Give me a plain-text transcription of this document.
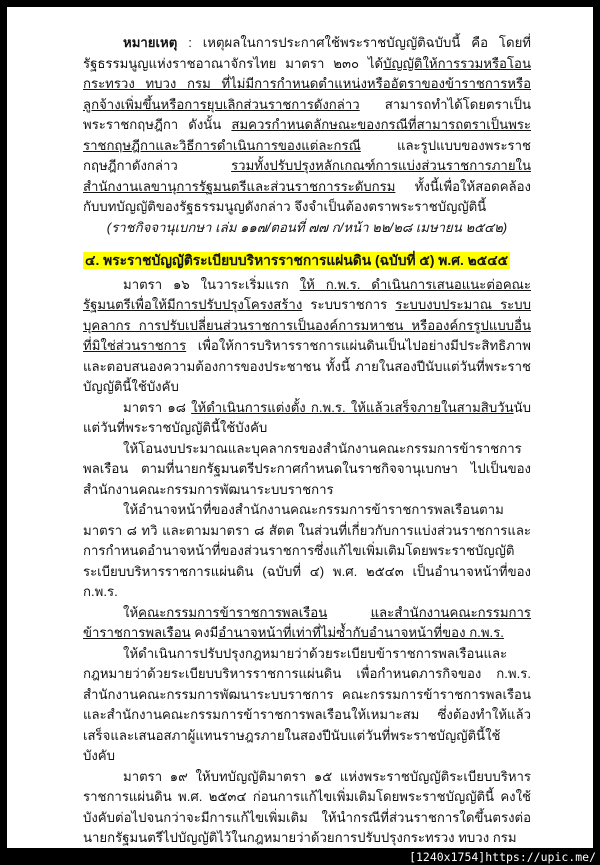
หมายเหตุ : เหตุผลในการประกาศใช้พระราชบัญญัติฉบับนี้ คือ โดยที่รัฐธรรมนูญแห่งราชอาณาจักรไทย มาตรา ๒๓๐ ได้บัญญัติให้การรวมหรือโอนกระทรวง ทบวง กรม ที่ไม่มีการกำหนดตำแหน่งหรืออัตราของข้าราชการหรือลูกจ้างเพิ่มขึ้นหรือการยุบเลิกส่วนราชการดังกล่าว สามารถทำได้โดยตราเป็นพระราชกฤษฎีกา ดังนั้น สมควรกำหนดลักษณะของกรณีที่สามารถตราเป็นพระราชกฤษฎีกาและวิธีการดำเนินการของแต่ละกรณี และรูปแบบของพระราชกฤษฎีกาดังกล่าว รวมทั้งปรับปรุงหลักเกณฑ์การแบ่งส่วนราชการภายในสำนักงานเลขานุการรัฐมนตรีและส่วนราชการระดับกรม ทั้งนี้เพื่อให้สอดคล้องกับบทบัญญัติของรัฐธรรมนูญดังกล่าว จึงจำเป็นต้องตราพระราชบัญญัตินี้
(ราชกิจจานุเบกษา เล่ม ๑๑๗/ตอนที่ ๗๗ ก/หน้า ๒๒/๒๘ เมษายน ๒๕๔๒)
๔. พระราชบัญญัติระเบียบบริหารราชการแผ่นดิน (ฉบับที่ ๕) พ.ศ. ๒๕๔๕
มาตรา ๑๖ ในวาระเริ่มแรก ให้ ก.พ.ร. ดำเนินการเสนอแนะต่อคณะรัฐมนตรีเพื่อให้มีการปรับปรุงโครงสร้าง ระบบราชการ ระบบงบประมาณ ระบบบุคลากร การปรับเปลี่ยนส่วนราชการเป็นองค์การมหาชน หรือองค์กรรูปแบบอื่นที่มิใช่ส่วนราชการ เพื่อให้การบริหารราชการแผ่นดินเป็นไปอย่างมีประสิทธิภาพและตอบสนองความต้องการของประชาชน ทั้งนี้ ภายในสองปีนับแต่วันที่พระราชบัญญัตินี้ใช้บังคับ
มาตรา ๑๘ ให้ดำเนินการแต่งตั้ง ก.พ.ร. ให้แล้วเสร็จภายในสามสิบวันนับแต่วันที่พระราชบัญญัตินี้ใช้บังคับ
ให้โอนงบประมาณและบุคลากรของสำนักงานคณะกรรมการข้าราชการพลเรือน ตามที่นายกรัฐมนตรีประกาศกำหนดในราชกิจจานุเบกษา ไปเป็นของสำนักงานคณะกรรมการพัฒนาระบบราชการ
ให้อำนาจหน้าที่ของสำนักงานคณะกรรมการข้าราชการพลเรือนตามมาตรา ๘ ทวิ และตามมาตรา ๘ สัตต ในส่วนที่เกี่ยวกับการแบ่งส่วนราชการและการกำหนดอำนาจหน้าที่ของส่วนราชการซึ่งแก้ไขเพิ่มเติมโดยพระราชบัญญัติระเบียบบริหารราชการแผ่นดิน (ฉบับที่ ๔) พ.ศ. ๒๕๔๓ เป็นอำนาจหน้าที่ของ ก.พ.ร.
ให้คณะกรรมการข้าราชการพลเรือน	และสำนักงานคณะกรรมการข้าราชการพลเรือน คงมีอำนาจหน้าที่เท่าที่ไม่ซ้ำกับอำนาจหน้าที่ของ ก.พ.ร.
ให้ดำเนินการปรับปรุงกฎหมายว่าด้วยระเบียบข้าราชการพลเรือนและกฎหมายว่าด้วยระเบียบบริหารราชการแผ่นดิน เพื่อกำหนดภารกิจของ ก.พ.ร. สำนักงานคณะกรรมการพัฒนาระบบราชการ คณะกรรมการข้าราชการพลเรือน และสำนักงานคณะกรรมการข้าราชการพลเรือนให้เหมาะสม ซึ่งต้องทำให้แล้วเสร็จและเสนอสภาผู้แทนราษฎรภายในสองปีนับแต่วันที่พระราชบัญญัตินี้ใช้บังคับ
มาตรา ๑๙ ให้บทบัญญัติมาตรา ๑๕ แห่งพระราชบัญญัติระเบียบบริหารราชการแผ่นดิน พ.ศ. ๒๕๓๔ ก่อนการแก้ไขเพิ่มเติมโดยพระราชบัญญัตินี้ คงใช้บังคับต่อไปจนกว่าจะมีการแก้ไขเพิ่มเติม ให้นำกรณีที่ส่วนราชการใดขึ้นตรงต่อนายกรัฐมนตรีไปบัญญัติไว้ในกฎหมายว่าด้วยการปรับปรุงกระทรวง ทบวง กรม
[1240x1754]https://upic.me/
